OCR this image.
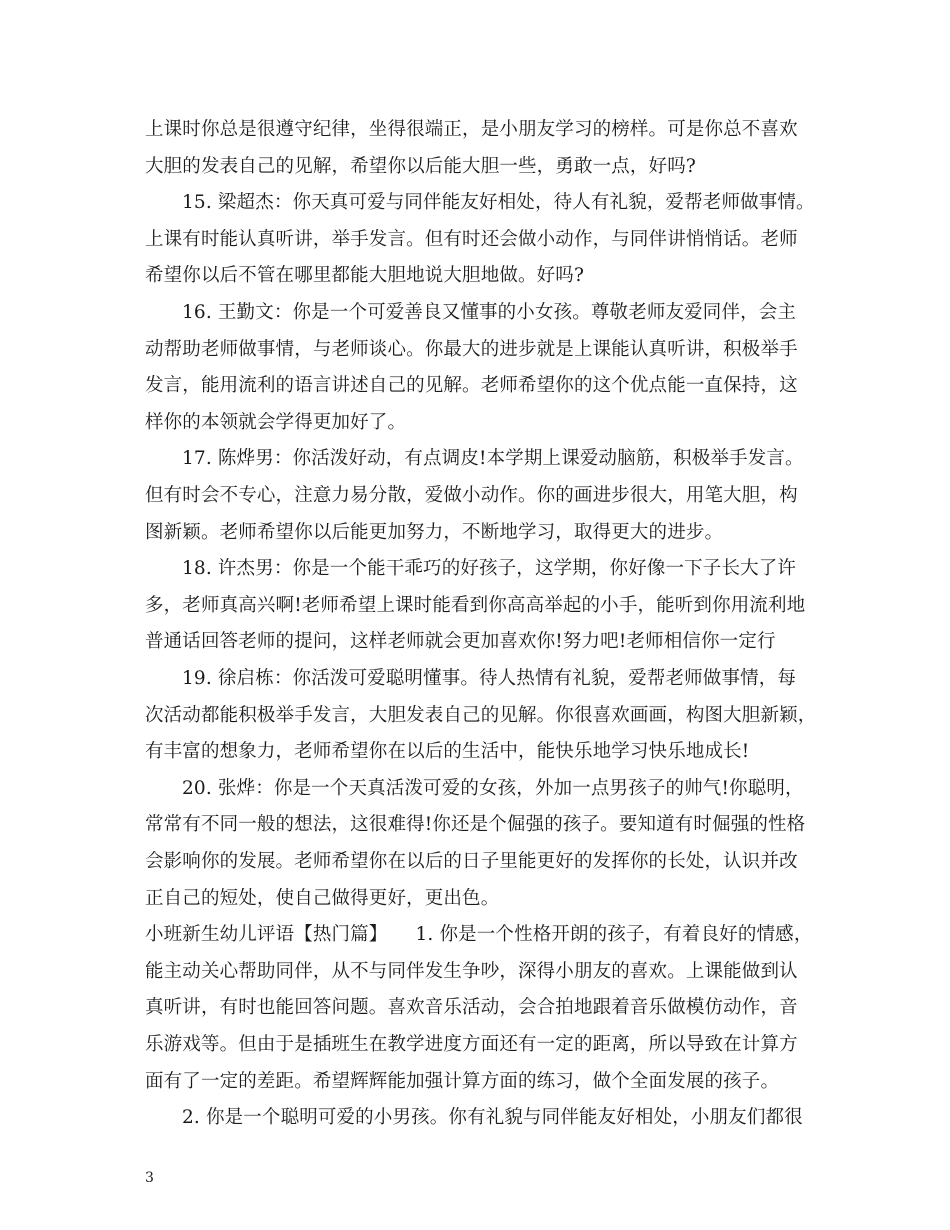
上课时你总是很遵守纪律，坐得很端正，是小朋友学习的榜样。可是你总不喜欢
大胆的发表自己的见解，希望你以后能大胆一些，勇敢一点，好吗?
15. 梁超杰：你天真可爱与同伴能友好相处，待人有礼貌，爱帮老师做事情。
上课有时能认真听讲，举手发言。但有时还会做小动作，与同伴讲悄悄话。老师
希望你以后不管在哪里都能大胆地说大胆地做。好吗?
16. 王勤文：你是一个可爱善良又懂事的小女孩。尊敬老师友爱同伴，会主
动帮助老师做事情，与老师谈心。你最大的进步就是上课能认真听讲，积极举手
发言，能用流利的语言讲述自己的见解。老师希望你的这个优点能一直保持，这
样你的本领就会学得更加好了。
17. 陈烨男：你活泼好动，有点调皮!本学期上课爱动脑筋，积极举手发言。
但有时会不专心，注意力易分散，爱做小动作。你的画进步很大，用笔大胆，构
图新颖。老师希望你以后能更加努力，不断地学习，取得更大的进步。
18. 许杰男：你是一个能干乖巧的好孩子，这学期，你好像一下子长大了许
多，老师真高兴啊!老师希望上课时能看到你高高举起的小手，能听到你用流利地
普通话回答老师的提问，这样老师就会更加喜欢你!努力吧!老师相信你一定行
19. 徐启栋：你活泼可爱聪明懂事。待人热情有礼貌，爱帮老师做事情，每
次活动都能积极举手发言，大胆发表自己的见解。你很喜欢画画，构图大胆新颖，
有丰富的想象力，老师希望你在以后的生活中，能快乐地学习快乐地成长!
20. 张烨：你是一个天真活泼可爱的女孩，外加一点男孩子的帅气!你聪明，
常常有不同一般的想法，这很难得!你还是个倔强的孩子。要知道有时倔强的性格
会影响你的发展。老师希望你在以后的日子里能更好的发挥你的长处，认识并改
正自己的短处，使自己做得更好，更出色。
小班新生幼儿评语【热门篇】　　1. 你是一个性格开朗的孩子，有着良好的情感，
能主动关心帮助同伴，从不与同伴发生争吵，深得小朋友的喜欢。上课能做到认
真听讲，有时也能回答问题。喜欢音乐活动，会合拍地跟着音乐做模仿动作，音
乐游戏等。但由于是插班生在教学进度方面还有一定的距离，所以导致在计算方
面有了一定的差距。希望辉辉能加强计算方面的练习，做个全面发展的孩子。
2. 你是一个聪明可爱的小男孩。你有礼貌与同伴能友好相处，小朋友们都很
3
